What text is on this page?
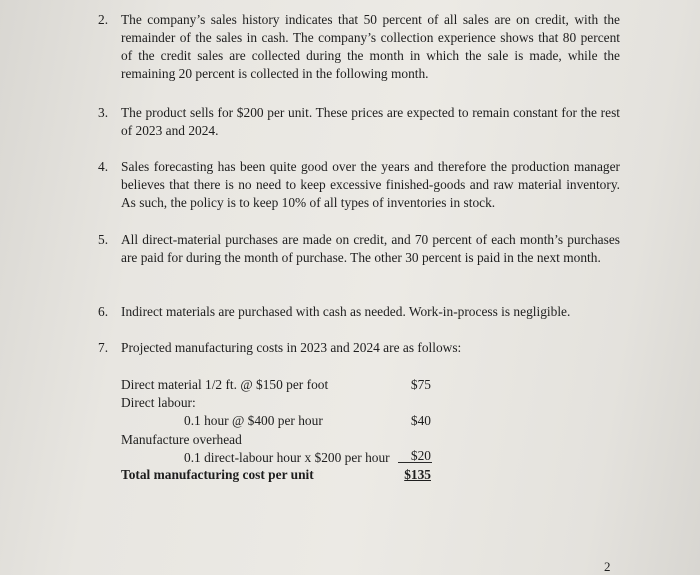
2. The company’s sales history indicates that 50 percent of all sales are on credit, with the remainder of the sales in cash. The company’s collection experience shows that 80 percent of the credit sales are collected during the month in which the sale is made, while the remaining 20 percent is collected in the following month.
3. The product sells for $200 per unit. These prices are expected to remain constant for the rest of 2023 and 2024.
4. Sales forecasting has been quite good over the years and therefore the production manager believes that there is no need to keep excessive finished-goods and raw material inventory. As such, the policy is to keep 10% of all types of inventories in stock.
5. All direct-material purchases are made on credit, and 70 percent of each month’s purchases are paid for during the month of purchase. The other 30 percent is paid in the next month.
6. Indirect materials are purchased with cash as needed. Work-in-process is negligible.
7. Projected manufacturing costs in 2023 and 2024 are as follows:
Direct material 1/2 ft. @ $150 per foot	$75
Direct labour:
0.1 hour @ $400 per hour	$40
Manufacture overhead
0.1 direct-labour hour x $200 per hour	$20
Total manufacturing cost per unit	$135
2
